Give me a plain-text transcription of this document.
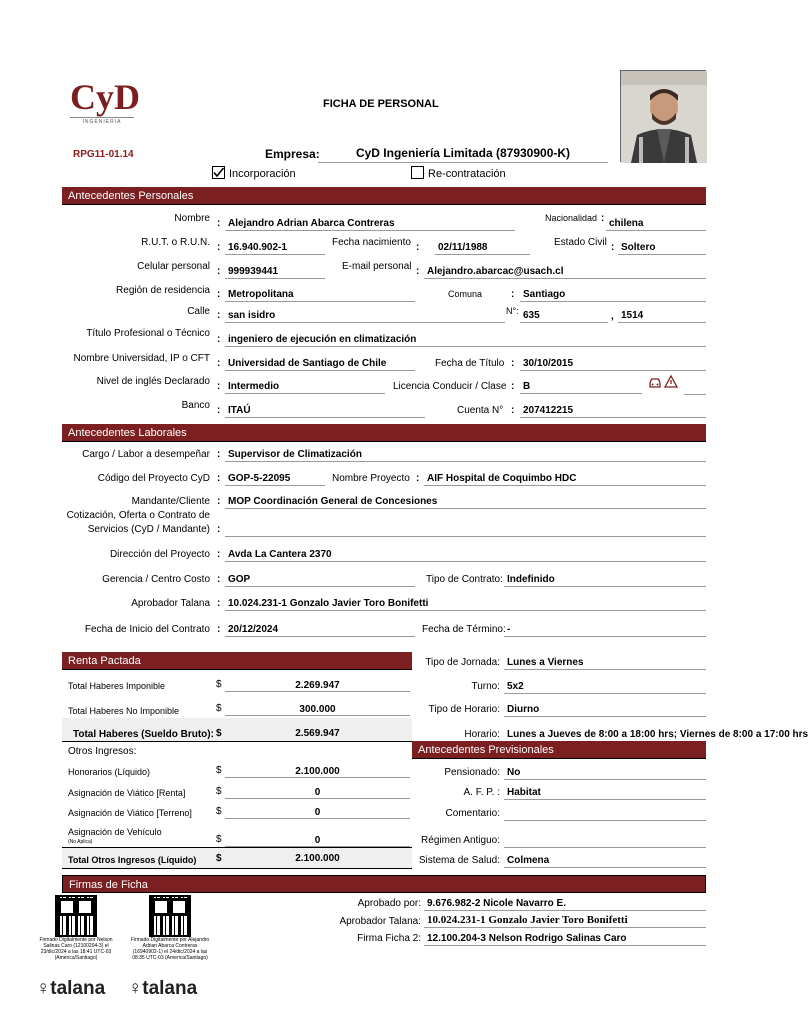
CyD
INGENIERIA
FICHA DE PERSONAL
RPG11-01.14	Empresa:	CyD Ingeniería Limitada (87930900-K)
Incorporación	Re-contratación
Antecedentes Personales
Nombre : Alejandro Adrian Abarca Contreras	Nacionalidad : chilena
R.U.T. o R.U.N. : 16.940.902-1	Fecha nacimiento :	02/11/1988	Estado Civil : Soltero
Celular personal : 999939441	E-mail personal : Alejandro.abarcac@usach.cl
Región de residencia : Metropolitana	Comuna	: Santiago
Calle : san isidro	N°: 635	, 1514
Título Profesional o Técnico
: ingeniero de ejecución en climatización
Nombre Universidad, IP o CFT : Universidad de Santiago de Chile	Fecha de Título : 30/10/2015
Nivel de inglés Declarado : Intermedio	Licencia Conducir / Clase : B
Banco : ITAÚ	Cuenta N° : 207412215
Antecedentes Laborales
Cargo / Labor a desempeñar : Supervisor de Climatización
Código del Proyecto CyD : GOP-5-22095	Nombre Proyecto : AIF Hospital de Coquimbo HDC
Mandante/Cliente : MOP Coordinación General de Concesiones
Cotización, Oferta o Contrato de
Servicios (CyD / Mandante) :
Dirección del Proyecto : Avda La Cantera 2370
Gerencia / Centro Costo : GOP	Tipo de Contrato: Indefinido
Aprobador Talana : 10.024.231-1 Gonzalo Javier Toro Bonifetti
Fecha de Inicio del Contrato : 20/12/2024	Fecha de Término: -
Renta Pactada
Total Haberes Imponible	$	2.269.947
Total Haberes No Imponible	$	300.000
Total Haberes (Sueldo Bruto): $	2.569.947
Otros Ingresos:
Honorarios (Líquido)	$	2.100.000
Asignación de Viático [Renta]	$	0
Asignación de Viático [Terreno] $	0
Asignación de Vehículo
(No Aplica)	$	0
Total Otros Ingresos (Líquido) $	2.100.000
Tipo de Jornada: Lunes a Viernes
Turno: 5x2
Tipo de Horario: Diurno
Horario: Lunes a Jueves de 8:00 a 18:00 hrs; Viernes de 8:00 a 17:00 hrs
Antecedentes Previsionales
Pensionado: No
A. F. P. : Habitat
Comentario:
Régimen Antiguo:
Sistema de Salud: Colmena
Firmas de Ficha
Firmado Digitalmente por Nelson Salinas Caro (12100204-3) el 23/dic/2024 a las 18:41 UTC-03 (America/Santiago)
Firmado Digitalmente por Alejandro Adrian Abarca Contreras (16940902-1) el 24/dic/2024 a las 08:35 UTC-03 (America/Santiago)
♀talana ♀talana
Aprobado por: 9.676.982-2 Nicole Navarro E.
Aprobador Talana: 10.024.231-1 Gonzalo Javier Toro Bonifetti
Firma Ficha 2: 12.100.204-3 Nelson Rodrigo Salinas Caro
